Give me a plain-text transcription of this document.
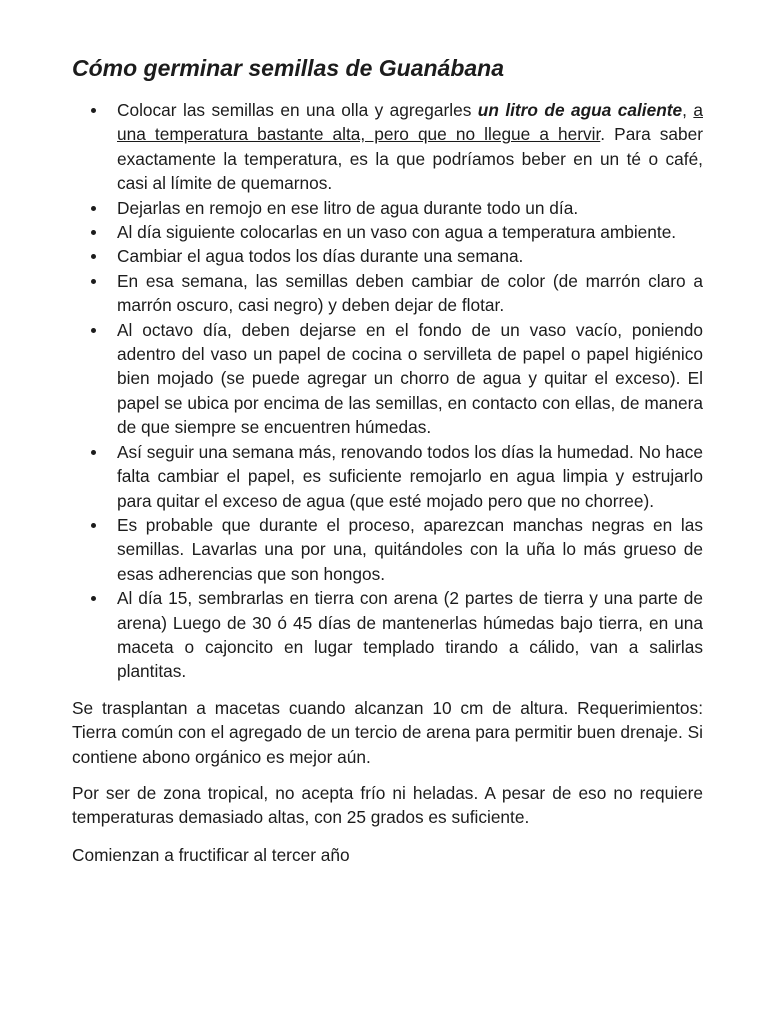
Cómo germinar semillas de Guanábana
Colocar las semillas en una olla y agregarles un litro de agua caliente, a una temperatura bastante alta, pero que no llegue a hervir. Para saber exactamente la temperatura, es la que podríamos beber en un té o café, casi al límite de quemarnos.
Dejarlas en remojo en ese litro de agua durante todo un día.
Al día siguiente colocarlas en un vaso con agua a temperatura ambiente.
Cambiar el agua todos los días durante una semana.
En esa semana, las semillas deben cambiar de color (de marrón claro a marrón oscuro, casi negro) y deben dejar de flotar.
Al octavo día, deben dejarse en el fondo de un vaso vacío, poniendo adentro del vaso un papel de cocina o servilleta de papel o papel higiénico bien mojado (se puede agregar un chorro de agua y quitar el exceso). El papel se ubica por encima de las semillas, en contacto con ellas, de manera de que siempre se encuentren húmedas.
Así seguir una semana más, renovando todos los días la humedad. No hace falta cambiar el papel, es suficiente remojarlo en agua limpia y estrujarlo para quitar el exceso de agua (que esté mojado pero que no chorree).
Es probable que durante el proceso, aparezcan manchas negras en las semillas. Lavarlas una por una, quitándoles con la uña lo más grueso de esas adherencias que son hongos.
Al día 15, sembrarlas en tierra con arena (2 partes de tierra y una parte de arena) Luego de 30 ó 45 días de mantenerlas húmedas bajo tierra, en una maceta o cajoncito en lugar templado tirando a cálido, van a salirlas plantitas.

Se trasplantan a macetas cuando alcanzan 10 cm de altura. Requerimientos: Tierra común con el agregado de un tercio de arena para permitir buen drenaje. Si contiene abono orgánico es mejor aún.

Por ser de zona tropical, no acepta frío ni heladas. A pesar de eso no requiere temperaturas demasiado altas, con 25 grados es suficiente.

Comienzan a fructificar al tercer año
